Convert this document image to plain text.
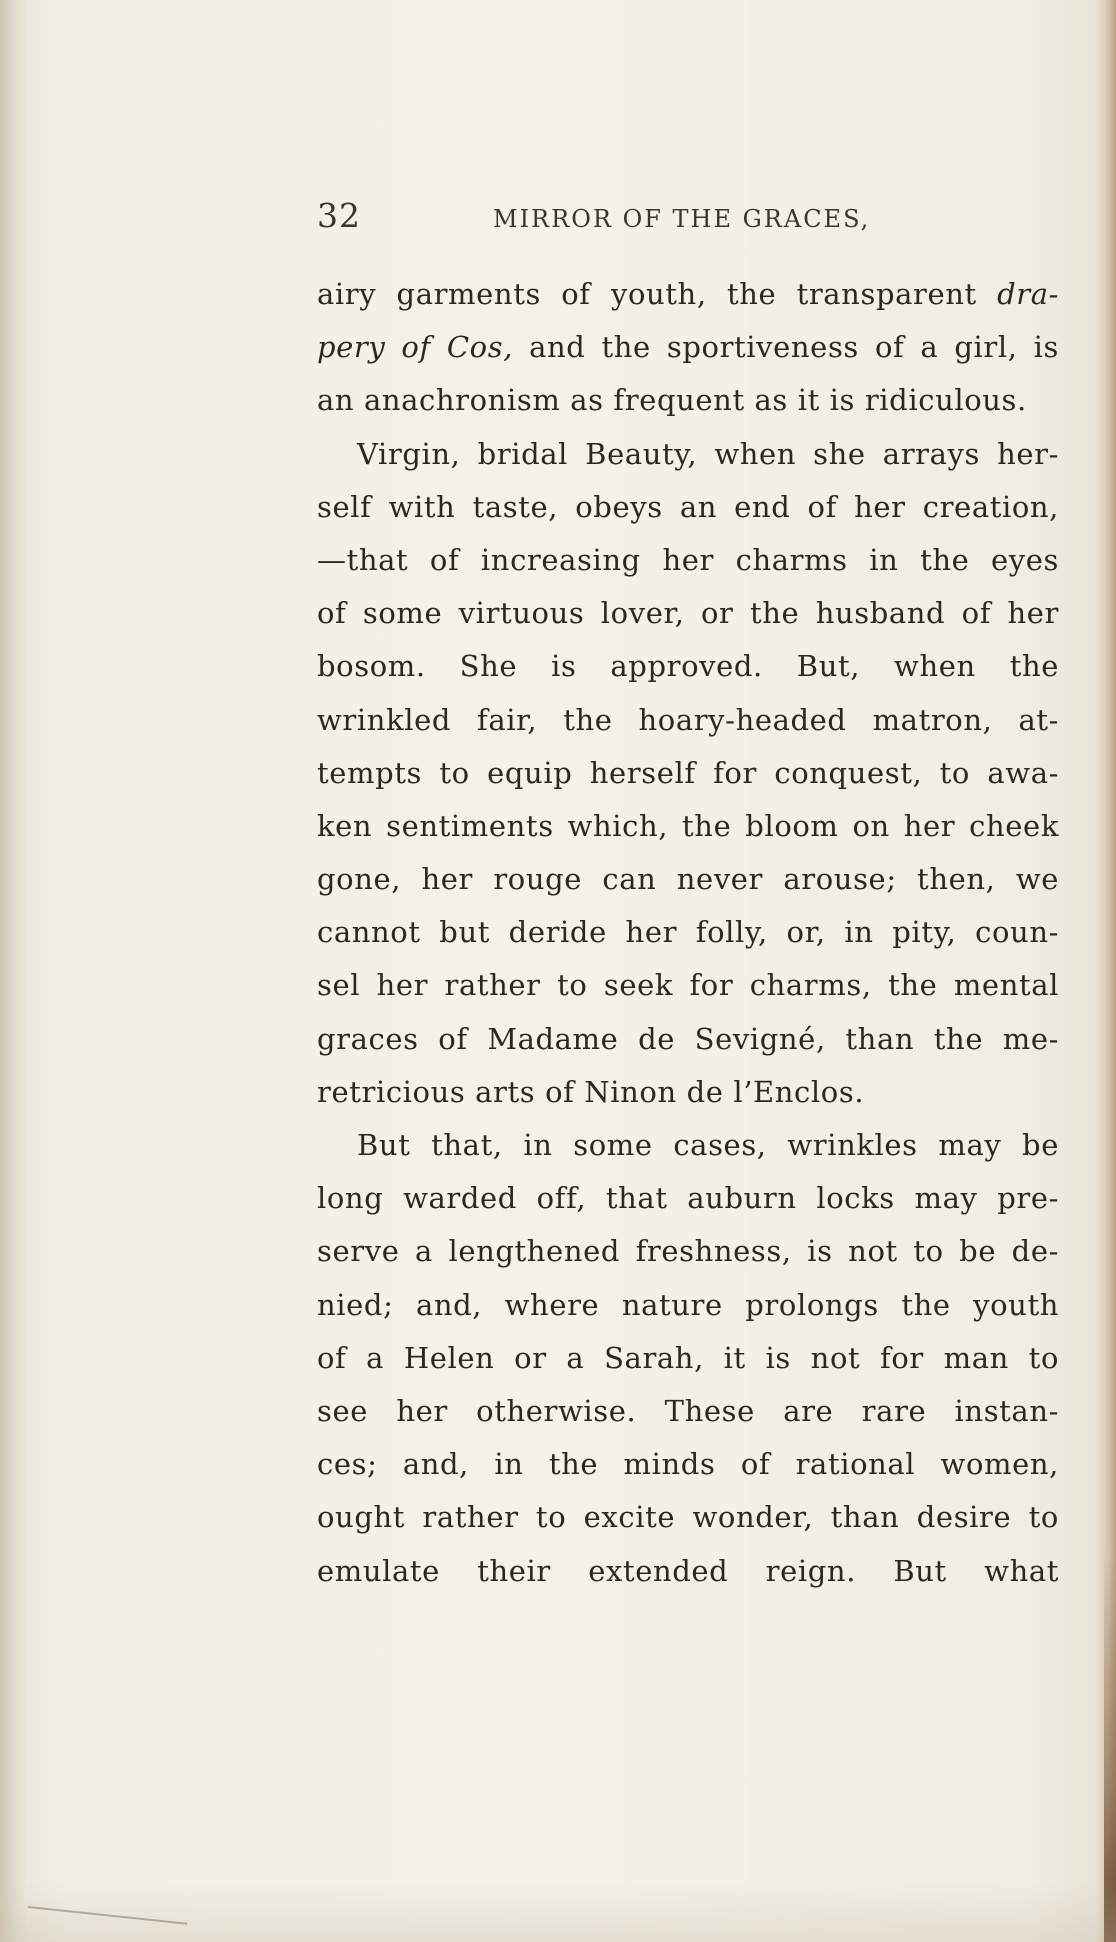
32	MIRROR OF THE GRACES,
airy garments of youth, the transparent dra-
pery of Cos, and the sportiveness of a girl, is
an anachronism as frequent as it is ridiculous.
Virgin, bridal Beauty, when she arrays her-
self with taste, obeys an end of her creation,
—that of increasing her charms in the eyes
of some virtuous lover, or the husband of her
bosom. She is approved. But, when the
wrinkled fair, the hoary-headed matron, at-
tempts to equip herself for conquest, to awa-
ken sentiments which, the bloom on her cheek
gone, her rouge can never arouse; then, we
cannot but deride her folly, or, in pity, coun-
sel her rather to seek for charms, the mental
graces of Madame de Sevigné, than the me-
retricious arts of Ninon de l’Enclos.
But that, in some cases, wrinkles may be
long warded off, that auburn locks may pre-
serve a lengthened freshness, is not to be de-
nied; and, where nature prolongs the youth
of a Helen or a Sarah, it is not for man to
see her otherwise. These are rare instan-
ces; and, in the minds of rational women,
ought rather to excite wonder, than desire to
emulate their extended reign. But what
